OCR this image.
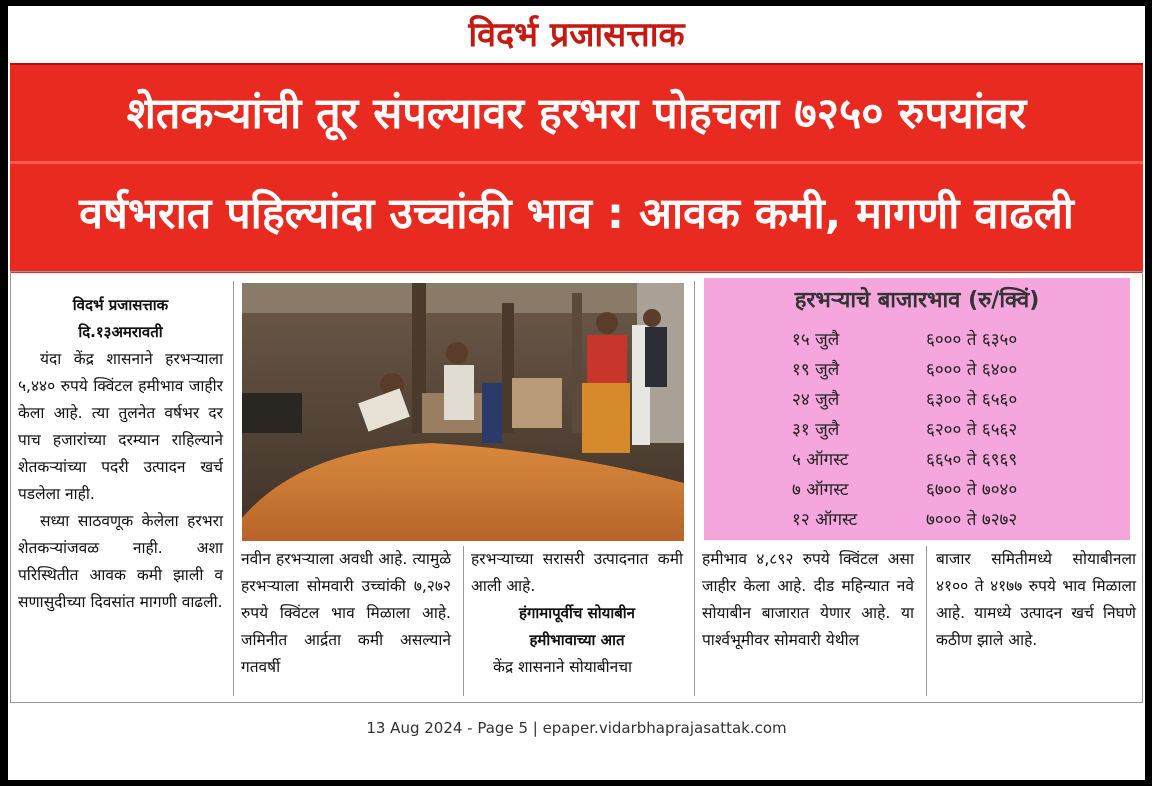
विदर्भ प्रजासत्ताक
शेतकऱ्यांची तूर संपल्यावर हरभरा पोहचला ७२५० रुपयांवर
वर्षभरात पहिल्यांदा उच्चांकी भाव : आवक कमी, मागणी वाढली
विदर्भ प्रजासत्ताक
दि.१३अमरावती

यंदा केंद्र शासनाने हरभऱ्याला ५,४४० रुपये क्विंटल हमीभाव जाहीर केला आहे. त्या तुलनेत वर्षभर दर पाच हजारांच्या दरम्यान राहिल्याने शेतकऱ्यांच्या पदरी उत्पादन खर्च पडलेला नाही.

सध्या साठवणूक केलेला हरभरा शेतकऱ्यांजवळ नाही. अशा परिस्थितीत आवक कमी झाली व सणासुदीच्या दिवसांत मागणी वाढली.

हरभऱ्याचे बाजारभाव (रु/क्विं)
१५ जुलै	६००० ते ६३५०
१९ जुलै	६००० ते ६४००
२४ जुलै	६३०० ते ६५६०
३१ जुलै	६२०० ते ६५६२
५ ऑगस्ट	६६५० ते ६९६९
७ ऑगस्ट	६७०० ते ७०४०
१२ ऑगस्ट	७००० ते ७२७२
नवीन हरभऱ्याला अवधी आहे. त्यामुळे हरभऱ्याला सोमवारी उच्चांकी ७,२७२ रुपये क्विंटल भाव मिळाला आहे. जमिनीत आर्द्रता कमी असल्याने गतवर्षी
हरभऱ्याच्या सरासरी उत्पादनात कमी आली आहे.
हंगामापूर्वीच सोयाबीन
हमीभावाच्या आत
केंद्र शासनाने सोयाबीनचा
हमीभाव ४,८९२ रुपये क्विंटल असा जाहीर केला आहे. दीड महिन्यात नवे सोयाबीन बाजारात येणार आहे. या पार्श्वभूमीवर सोमवारी येथील
बाजार समितीमध्ये सोयाबीनला ४१०० ते ४१७७ रुपये भाव मिळाला आहे. यामध्ये उत्पादन खर्च निघणे कठीण झाले आहे.
13 Aug 2024 - Page 5 | epaper.vidarbhaprajasattak.com
